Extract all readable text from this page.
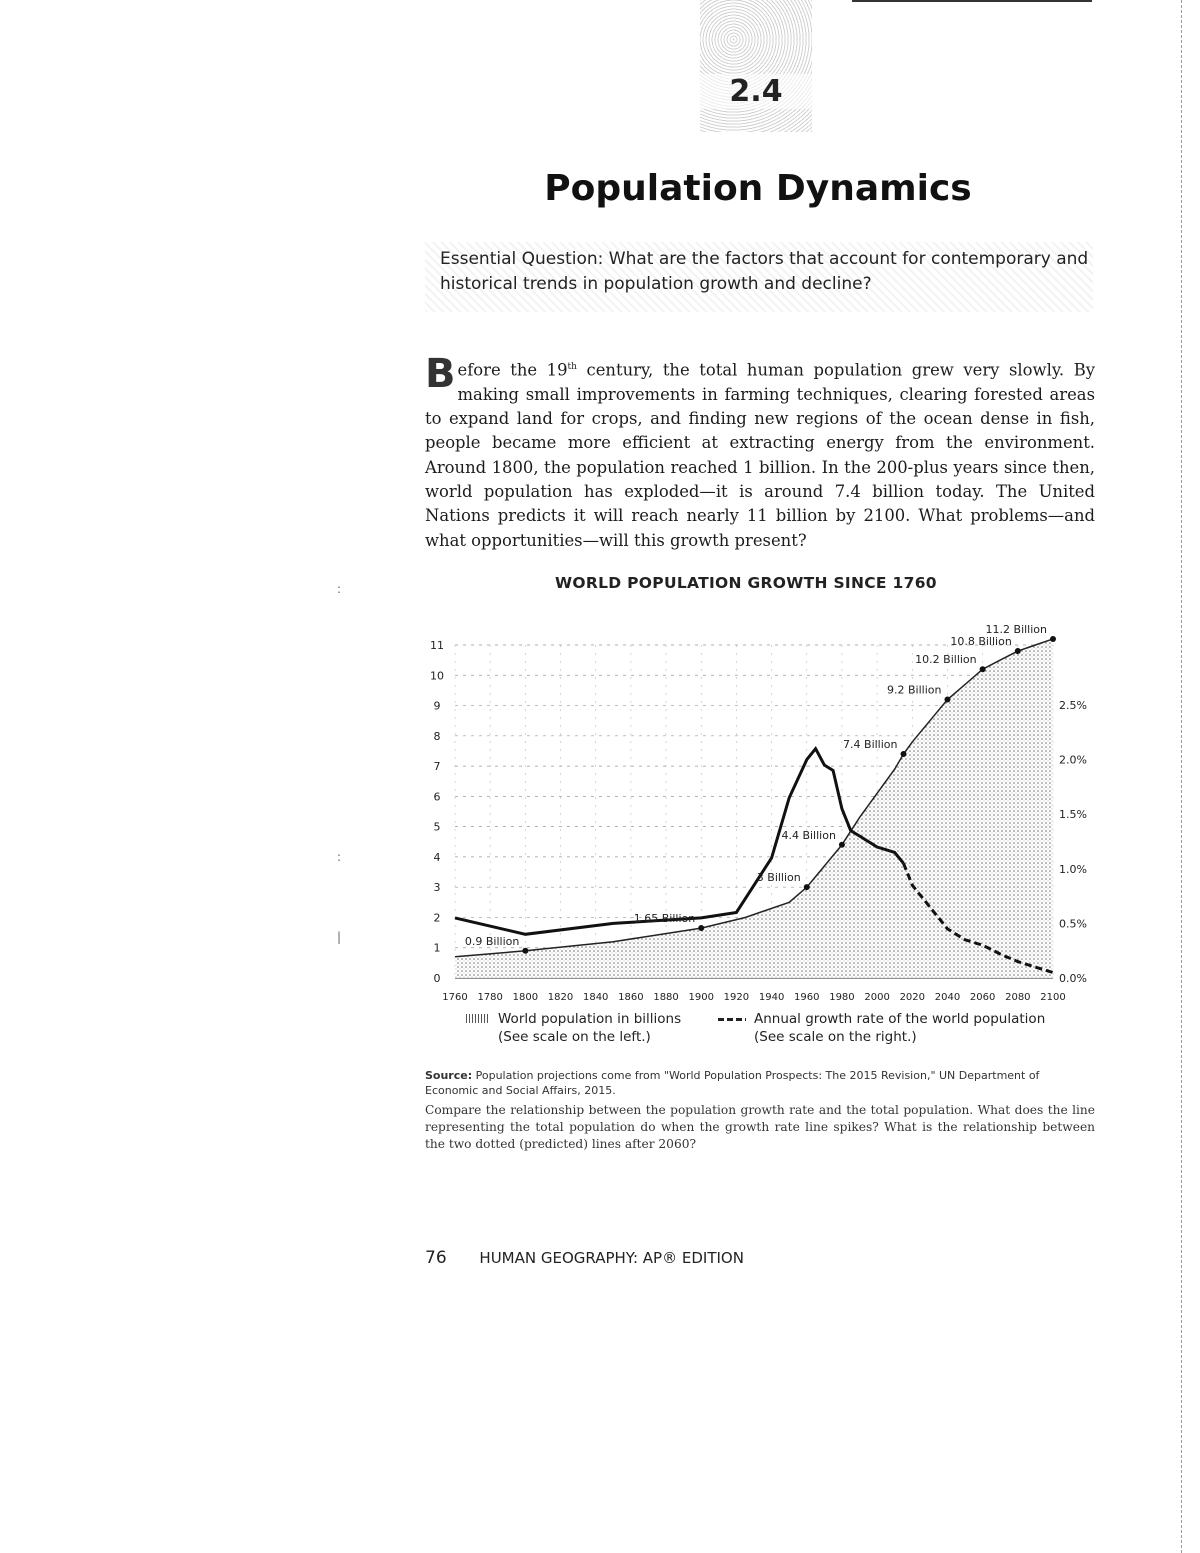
:
:
|
2.4
Population Dynamics
Essential Question: What are the factors that account for contemporary and historical trends in population growth and decline?
Before the 19th century, the total human population grew very slowly. By making small improvements in farming techniques, clearing forested areas to expand land for crops, and finding new regions of the ocean dense in fish, people became more efficient at extracting energy from the environment. Around 1800, the population reached 1 billion. In the 200-plus years since then, world population has exploded—it is around 7.4 billion today. The United Nations predicts it will reach nearly 11 billion by 2100. What problems—and what opportunities—will this growth present?
WORLD POPULATION GROWTH SINCE 1760
0
1
2
3
4
5
6
7
8
9
10
11
0.0%
0.5%
1.0%
1.5%
2.0%
2.5%
1760 1780 1800 1820 1840 1860 1880 1900 1920 1940 1960 1980 2000 2020 2040 2060 2080 2100
0.9 Billion
1.65 Billion
3 Billion
4.4 Billion
7.4 Billion
9.2 Billion
10.2 Billion
10.8 Billion
11.2 Billion
World population in billions
(See scale on the left.)
Annual growth rate of the world population
(See scale on the right.)
Source: Population projections come from "World Population Prospects: The 2015 Revision," UN Department of Economic and Social Affairs, 2015.
Compare the relationship between the population growth rate and the total population. What does the line representing the total population do when the growth rate line spikes? What is the relationship between the two dotted (predicted) lines after 2060?
76 HUMAN GEOGRAPHY: AP® EDITION
